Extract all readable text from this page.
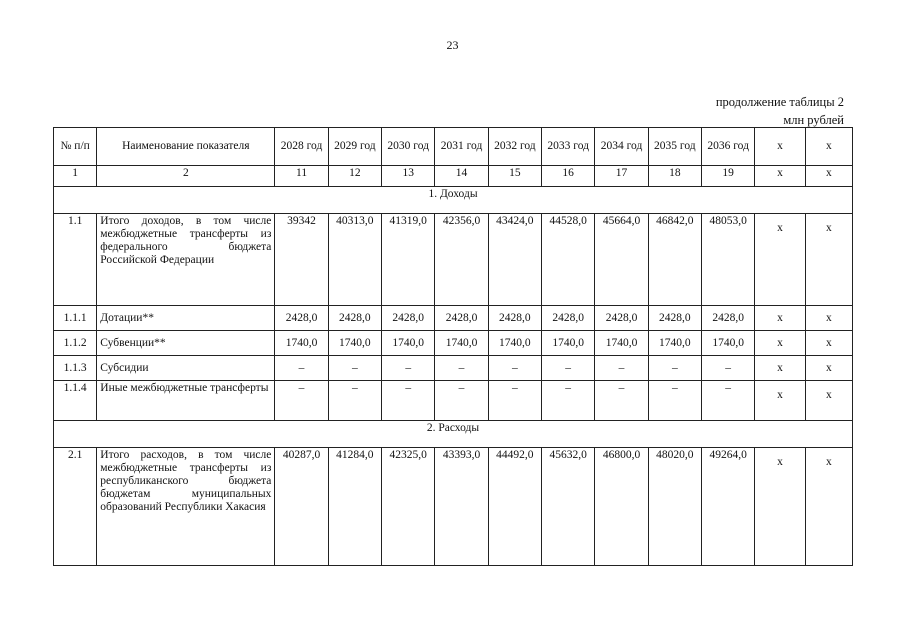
23
продолжение таблицы 2
млн рублей
№ п/п	Наименование показателя	2028 год	2029 год	2030 год	2031 год	2032 год	2033 год	2034 год	2035 год	2036 год	х	х
1	2	11	12	13	14	15	16	17	18	19	х	х
1. Доходы												
1.1	Итого доходов, в том числе межбюджетные трансферты из федерального бюджета Российской Федерации	39342	40313,0	41319,0	42356,0	43424,0	44528,0	45664,0	46842,0	48053,0	х	х
1.1.1	Дотации**	2428,0	2428,0	2428,0	2428,0	2428,0	2428,0	2428,0	2428,0	2428,0	х	х
1.1.2	Субвенции**	1740,0	1740,0	1740,0	1740,0	1740,0	1740,0	1740,0	1740,0	1740,0	х	х
1.1.3	Субсидии	–	–	–	–	–	–	–	–	–	х	х
1.1.4	Иные межбюджетные трансферты	–	–	–	–	–	–	–	–	–	х	х
2. Расходы												
2.1	Итого расходов, в том числе межбюджетные трансферты из республиканского бюджета бюджетам муниципальных образований Республики Хакасия	40287,0	41284,0	42325,0	43393,0	44492,0	45632,0	46800,0	48020,0	49264,0	х	х
